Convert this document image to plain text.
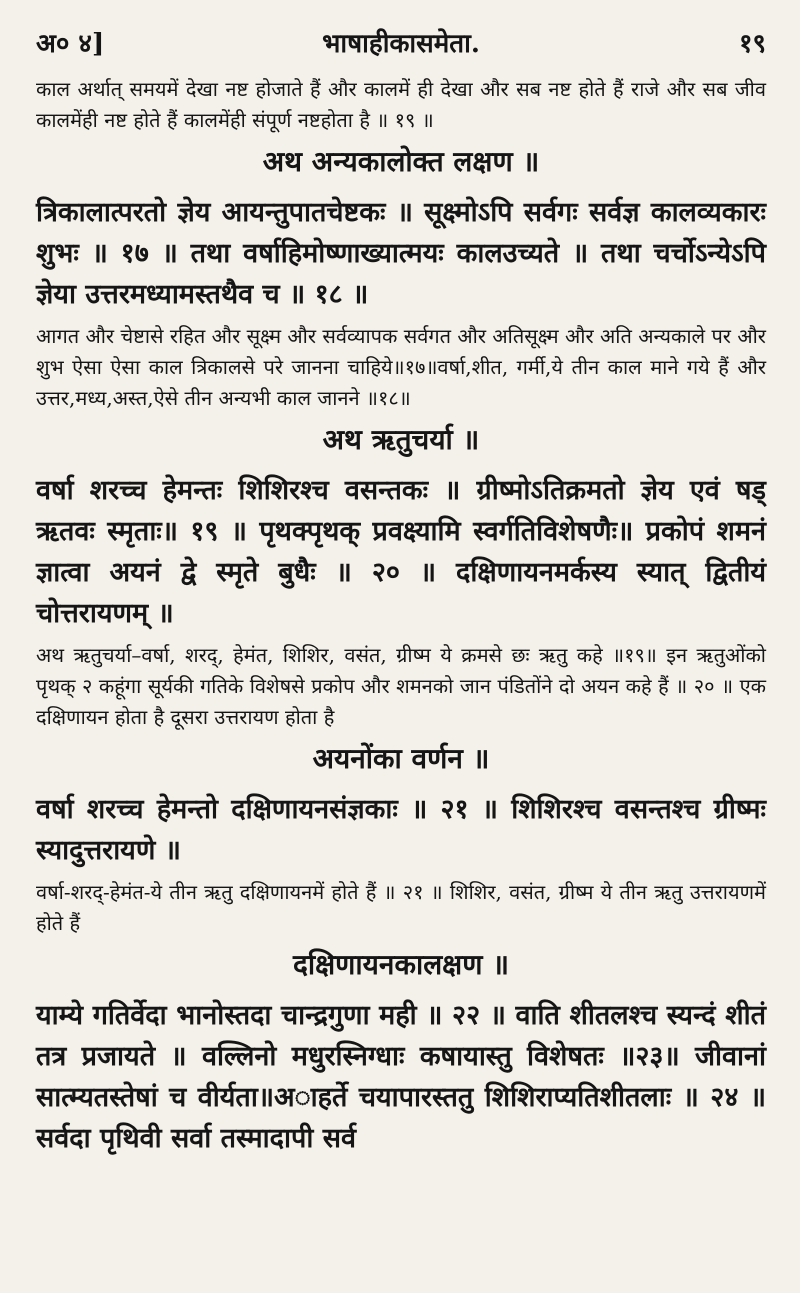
अ० ४]	भाषाहीकासमेता.	१९

काल अर्थात् समयमें देखा नष्ट होजाते हैं और कालमें ही देखा और सब नष्ट होते हैं राजे और सब जीव कालमेंही नष्ट होते हैं कालमेंही संपूर्ण नष्टहोता है ॥ १९ ॥

अथ अन्यकालोक्त लक्षण ॥

त्रिकालात्परतो ज्ञेय आयन्तुपातचेष्टकः ॥ सूक्ष्मोऽपि सर्वगः सर्वज्ञ कालव्यकारः शुभः ॥ १७ ॥ तथा वर्षाहिमोष्णाख्यात्मयः कालउच्यते ॥ तथा चर्चोऽन्येऽपि ज्ञेया उत्तरमध्यामस्तथैव च ॥ १८ ॥

आगत और चेष्टासे रहित और सूक्ष्म और सर्वव्यापक सर्वगत और अतिसूक्ष्म और अति अन्यकाले पर और शुभ ऐसा ऐसा काल त्रिकालसे परे जानना चाहिये॥१७॥वर्षा,शीत, गर्मी,ये तीन काल माने गये हैं और उत्तर,मध्य,अस्त,ऐसे तीन अन्यभी काल जानने ॥१८॥

अथ ऋतुचर्या ॥

वर्षा शरच्च हेमन्तः शिशिरश्च वसन्तकः ॥ ग्रीष्मोऽतिक्रमतो ज्ञेय एवं षड् ऋतवः स्मृताः॥ १९ ॥ पृथक्पृथक् प्रवक्ष्यामि स्वर्गतिविशेषणैः॥ प्रकोपं शमनं ज्ञात्वा अयनं द्वे स्मृते बुधैः ॥ २० ॥ दक्षिणायनमर्कस्य स्यात् द्वितीयं चोत्तरायणम् ॥

अथ ऋतुचर्या–वर्षा, शरद्, हेमंत, शिशिर, वसंत, ग्रीष्म ये क्रमसे छः ऋतु कहे ॥१९॥ इन ऋतुओंको पृथक् २ कहूंगा सूर्यकी गतिके विशेषसे प्रकोप और शमनको जान पंडितोंने दो अयन कहे हैं ॥ २० ॥ एक दक्षिणायन होता है दूसरा उत्तरायण होता है

अयनोंका वर्णन ॥

वर्षा शरच्च हेमन्तो दक्षिणायनसंज्ञकाः ॥ २१ ॥ शिशिरश्च वसन्तश्च ग्रीष्मः स्यादुत्तरायणे ॥

वर्षा-शरद्-हेमंत-ये तीन ऋतु दक्षिणायनमें होते हैं ॥ २१ ॥ शिशिर, वसंत, ग्रीष्म ये तीन ऋतु उत्तरायणमें होते हैं

दक्षिणायनकालक्षण ॥

याम्ये गतिर्वेदा भानोस्तदा चान्द्रगुणा मही ॥ २२ ॥ वाति शीतलश्च स्यन्दं शीतं तत्र प्रजायते ॥ वल्लिनो मधुरस्निग्धाः कषायास्तु विशेषतः ॥२३॥ जीवानां सात्म्यतस्तेषां च वीर्यता॥अाहर्ते चयापारस्ततु शिशिराप्यतिशीतलाः ॥ २४ ॥ सर्वदा पृथिवी सर्वा तस्मादापी सर्व
